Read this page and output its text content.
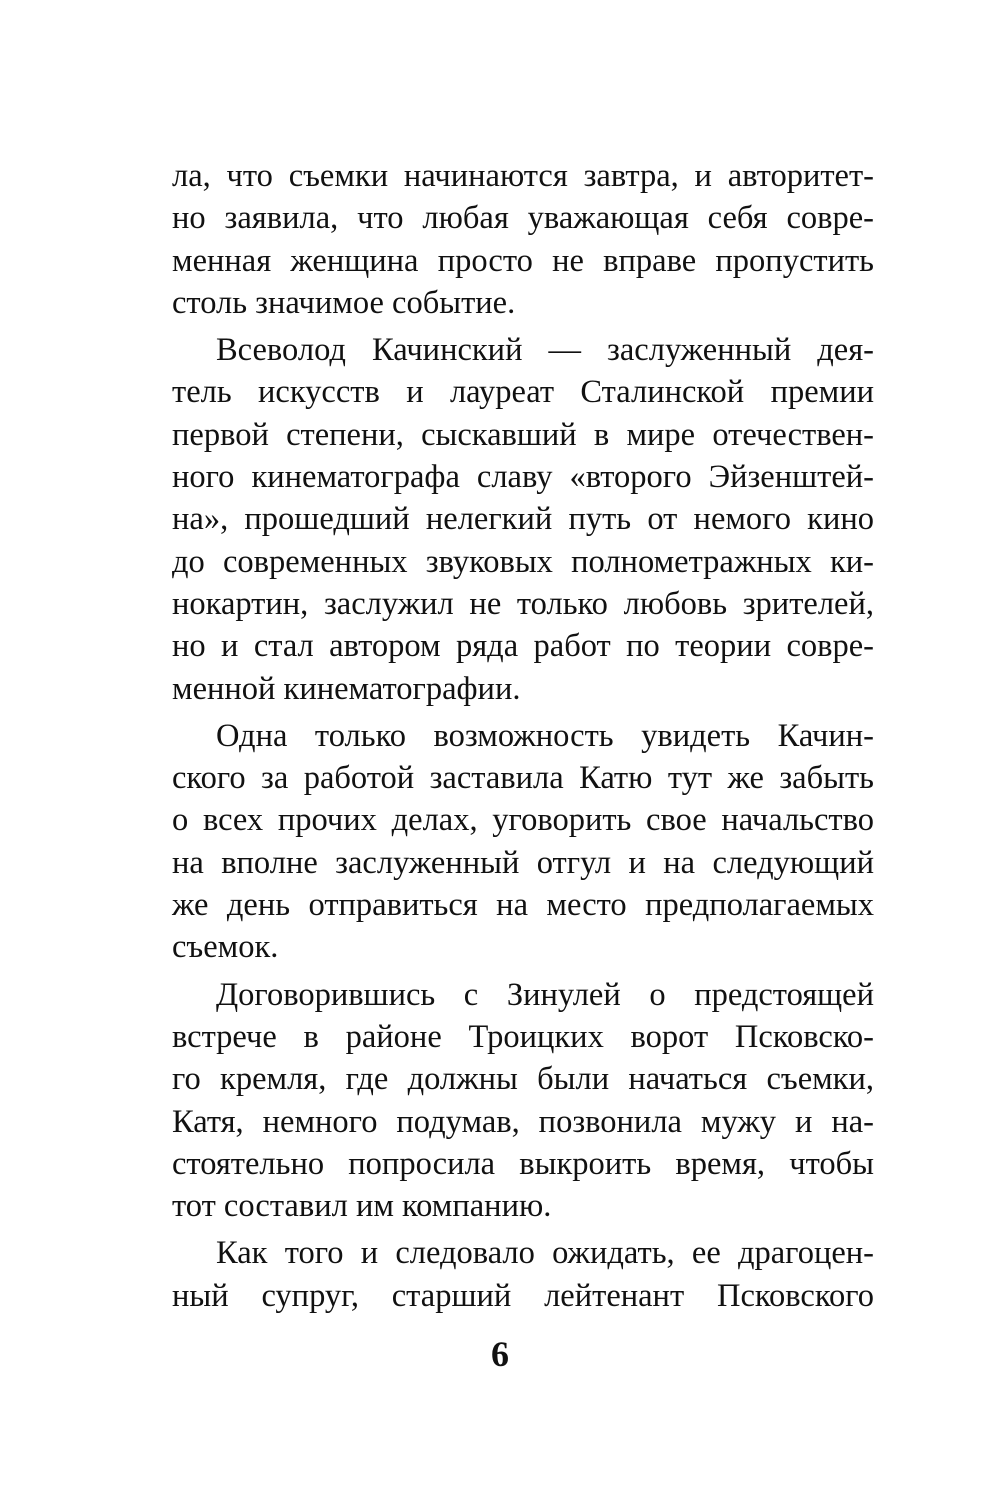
ла, что съемки начинаются завтра, и авторитет-
но заявила, что любая уважающая себя совре-
менная женщина просто не вправе пропустить
столь значимое событие.
Всеволод Качинский — заслуженный дея-
тель искусств и лауреат Сталинской премии
первой степени, сыскавший в мире отечествен-
ного кинематографа славу «второго Эйзенштей-
на», прошедший нелегкий путь от немого кино
до современных звуковых полнометражных ки-
нокартин, заслужил не только любовь зрителей,
но и стал автором ряда работ по теории совре-
менной кинематографии.
Одна только возможность увидеть Качин-
ского за работой заставила Катю тут же забыть
о всех прочих делах, уговорить свое начальство
на вполне заслуженный отгул и на следующий
же день отправиться на место предполагаемых
съемок.
Договорившись с Зинулей о предстоящей
встрече в районе Троицких ворот Псковско-
го кремля, где должны были начаться съемки,
Катя, немного подумав, позвонила мужу и на-
стоятельно попросила выкроить время, чтобы
тот составил им компанию.
Как того и следовало ожидать, ее драгоцен-
ный супруг, старший лейтенант Псковского
6
